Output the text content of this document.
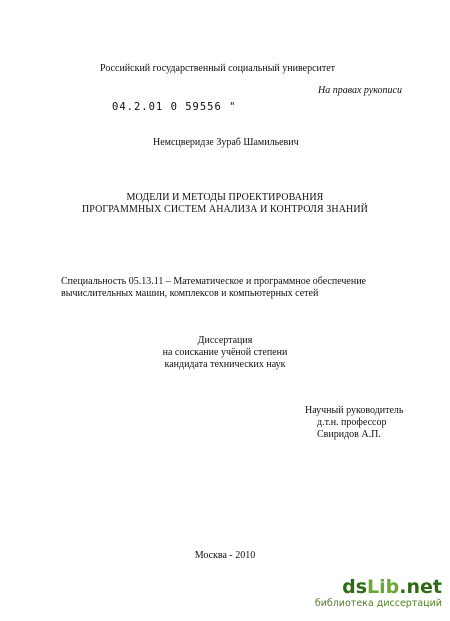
Российский государственный социальный университет
На правах рукописи
04.2.01 0 59556 "
Немсцверидзе Зураб Шамильевич
МОДЕЛИ И МЕТОДЫ ПРОЕКТИРОВАНИЯ
ПРОГРАММНЫХ СИСТЕМ АНАЛИЗА И КОНТРОЛЯ ЗНАНИЙ
Специальность 05.13.11 – Математическое и программное обеспечение
вычислительных машин, комплексов и компьютерных сетей
Диссертация
на соискание учёной степени
кандидата технических наук
Научный руководитель
д.т.н. профессор
Свиридов А.П.
Москва - 2010
dsLib.net
библиотека диссертаций
